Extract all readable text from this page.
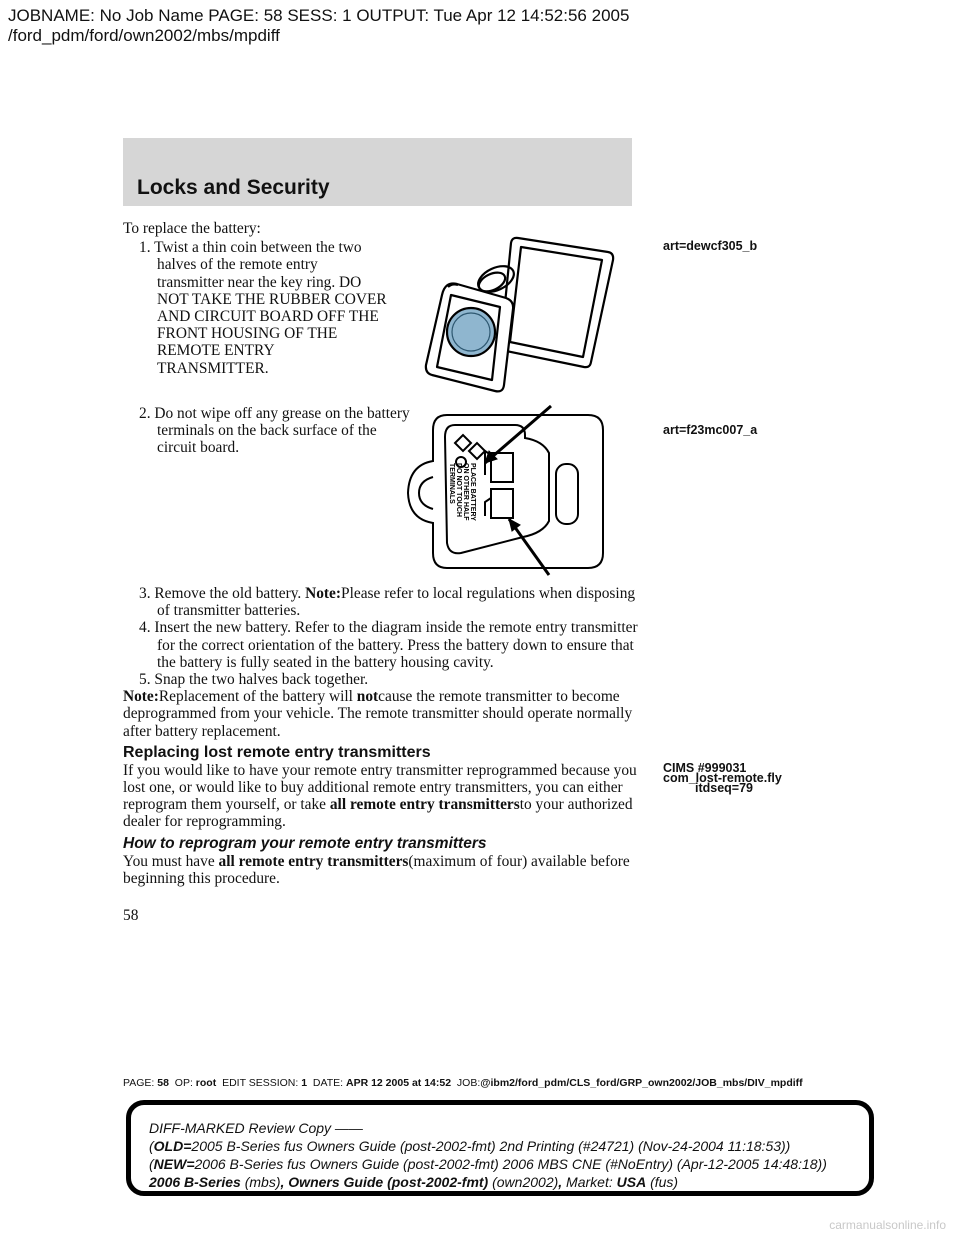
JOBNAME: No Job Name PAGE: 58 SESS: 1 OUTPUT: Tue Apr 12 14:52:56 2005
/ford_pdm/ford/own2002/mbs/mpdiff
Locks and Security
To replace the battery:
1. Twist a thin coin between the two halves of the remote entry transmitter near the key ring. DO NOT TAKE THE RUBBER COVER AND CIRCUIT BOARD OFF THE FRONT HOUSING OF THE REMOTE ENTRY TRANSMITTER.
2. Do not wipe off any grease on the battery terminals on the back surface of the circuit board.
art=dewcf305_b
PLACE BATTERY
ON OTHER HALF
DO NOT TOUCH
TERMINALS
art=f23mc007_a
3. Remove the old battery. Note:Please refer to local regulations when disposing of transmitter batteries.
4. Insert the new battery. Refer to the diagram inside the remote entry transmitter for the correct orientation of the battery. Press the battery down to ensure that the battery is fully seated in the battery housing cavity.
5. Snap the two halves back together.
Note:Replacement of the battery will notcause the remote transmitter to become deprogrammed from your vehicle. The remote transmitter should operate normally after battery replacement.
Replacing lost remote entry transmitters
If you would like to have your remote entry transmitter reprogrammed because you lost one, or would like to buy additional remote entry transmitters, you can either reprogram them yourself, or take all remote entry transmittersto your authorized dealer for reprogramming.
How to reprogram your remote entry transmitters
You must have all remote entry transmitters(maximum of four) available before beginning this procedure.
58
CIMS #999031
com_lost-remote.fly
itdseq=79
PAGE: 58 OP: root EDIT SESSION: 1 DATE: APR 12 2005 at 14:52 JOB:@ibm2/ford_pdm/CLS_ford/GRP_own2002/JOB_mbs/DIV_mpdiff
DIFF-MARKED Review Copy ——
(OLD=2005 B-Series fus Owners Guide (post-2002-fmt) 2nd Printing (#24721) (Nov-24-2004 11:18:53))
(NEW=2006 B-Series fus Owners Guide (post-2002-fmt) 2006 MBS CNE (#NoEntry) (Apr-12-2005 14:48:18))
2006 B-Series (mbs), Owners Guide (post-2002-fmt) (own2002), Market: USA (fus)
carmanualsonline.info
